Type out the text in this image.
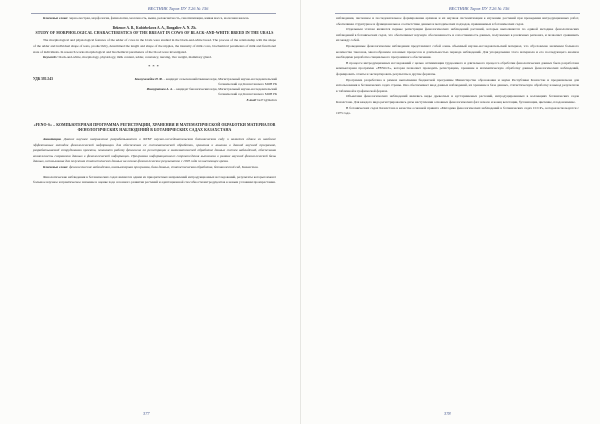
ВЕСТНИК Тараз ПУ Т.26 № 156

Ключевые слова: черно-пестрая, морфология, физиология, молочность, вымя, релаксантность, генотипизация, живая масса, молочная железа.

Bekenov A. B., Kubirbekova A. A., Bongaliev A. N. Zh.

STUDY OF MORPHOLOGICAL CHARACTERISTICS OF THE BREAST IN COWS OF BLACK-AND-WHITE BREED IN THE URALS

The morphological and physiological features of the udder of cows in the Urals were studied in the black-and-white breed. The process of the relationship with the shape of the udder and individual shape of teats, productivity, determined the length and shape of the nipples, the intensity of milk cows, biochemical parameters of milk and functional state of individuals. In research works morphological and biochemical parameters of the blood were investigated.

Keywords: black-and-white, morphology, physiology, milk content, udder, constancy, nursing, live weight, mammary gland.

***

УДК 581.543	Бекмухамедов Н. Ф. – кандидат сельскохозяйственных наук, Магистральный научно-исследовательский ботанический сад Казахстанского МОН РК
Ишмуратова А. А. – кандидат биологических наук, Магистральный научно-исследовательский ботанический сад Казахстанского МОН РК
E-mail: bsd71@mail.ru

«FENO-S» – КОМПЬЮТЕРНАЯ ПРОГРАММА РЕГИСТРАЦИИ, ХРАНЕНИЯ И МАТЕМАТИЧЕСКОЙ ОБРАБОТКИ МАТЕРИАЛОВ ФЕНОЛОГИЧЕСКИХ НАБЛЮДЕНИЙ В БОТАНИЧЕСКИХ САДАХ КАЗАХСТАНА

Аннотация. Данное научное направление разрабатывается в ФГБУ научно-исследовательском ботаническом саду и является одним из наиболее эффективных методов фенологической информации для обеспечения ее систематической обработки, хранения и анализа в данной научной программе, разрабатываемой сотрудниками проекта, позволяет работу фенологов по регистрации и математической обработке данных систем наблюдений, обеспечивая возможность сохранения данных в фенологической информации. Программа информационного сопровождения выполнена в рамках научной фенологической базы данных, использована для получения статистических данных на основе фенологических результатов с 1993 года по настоящее время.

Ключевые слова: фенологические наблюдения, компьютерная программа, база данных, статистическая обработка, ботанический сад, Казахстан.

Фенологические наблюдения в ботанических садах являются одним из приоритетных направлений интродукционных исследований, результаты которых имеют большое научное и практическое значение в оценке хода сезонного развития растений и адаптационной способности интродуцентов к новым условиям произрастания.

377
ВЕСТНИК Тараз ПУ Т.26 № 156

наблюдения, численное и последовательное формирование архивов и их научная систематизация к изучению растений при проведении интродукционных работ, обеспечивая структурное и функциональное соответствие данных и методических подходов, применяемых в ботанических садах.

Отдельным этапом являются первые регистрации фенологических наблюдений растений, которые выполняются по единой методике фенологических наблюдений в ботанических садах, что обеспечивает научную обоснованность и сопоставимость данных, получаемых в различных регионах, и позволяет сравнивать их между собой.

Проведенные фенологические наблюдения представляют собой очень объемный научно-исследовательский материал, что обусловлено наличием большого количества таксонов, многообразием сезонных процессов и длительностью периода наблюдений. Для упорядочения этого материала и его последующего анализа необходима разработка специального программного обеспечения.

В процессе интродукционных исследований с целью оптимизации трудоемкого и длительного процесса обработки фенологических данных была разработана компьютерная программа «FENO-S», которая позволяет проводить регистрацию, хранение и математическую обработку данных фенологических наблюдений, формировать отчеты и экспортировать результаты в другие форматы.

Программа разработана в рамках выполнения бюджетной программы Министерства образования и науки Республики Казахстан и предназначена для использования в ботанических садах страны. Она обеспечивает ввод данных наблюдений, их хранение в базе данных, статистическую обработку и вывод результатов в табличной и графической формах.

Объектами фенологических наблюдений являлись виды древесных и кустарниковых растений, интродуцированных в коллекциях ботанических садов Казахстана. Для каждого вида регистрировались даты наступления основных фенологических фаз: начало и конец вегетации, бутонизация, цветение, плодоношение.

В ботанических садах Казахстана в качестве основной принята «Методика фенологических наблюдений в ботанических садах СССР», которая используется с 1975 года.

378
